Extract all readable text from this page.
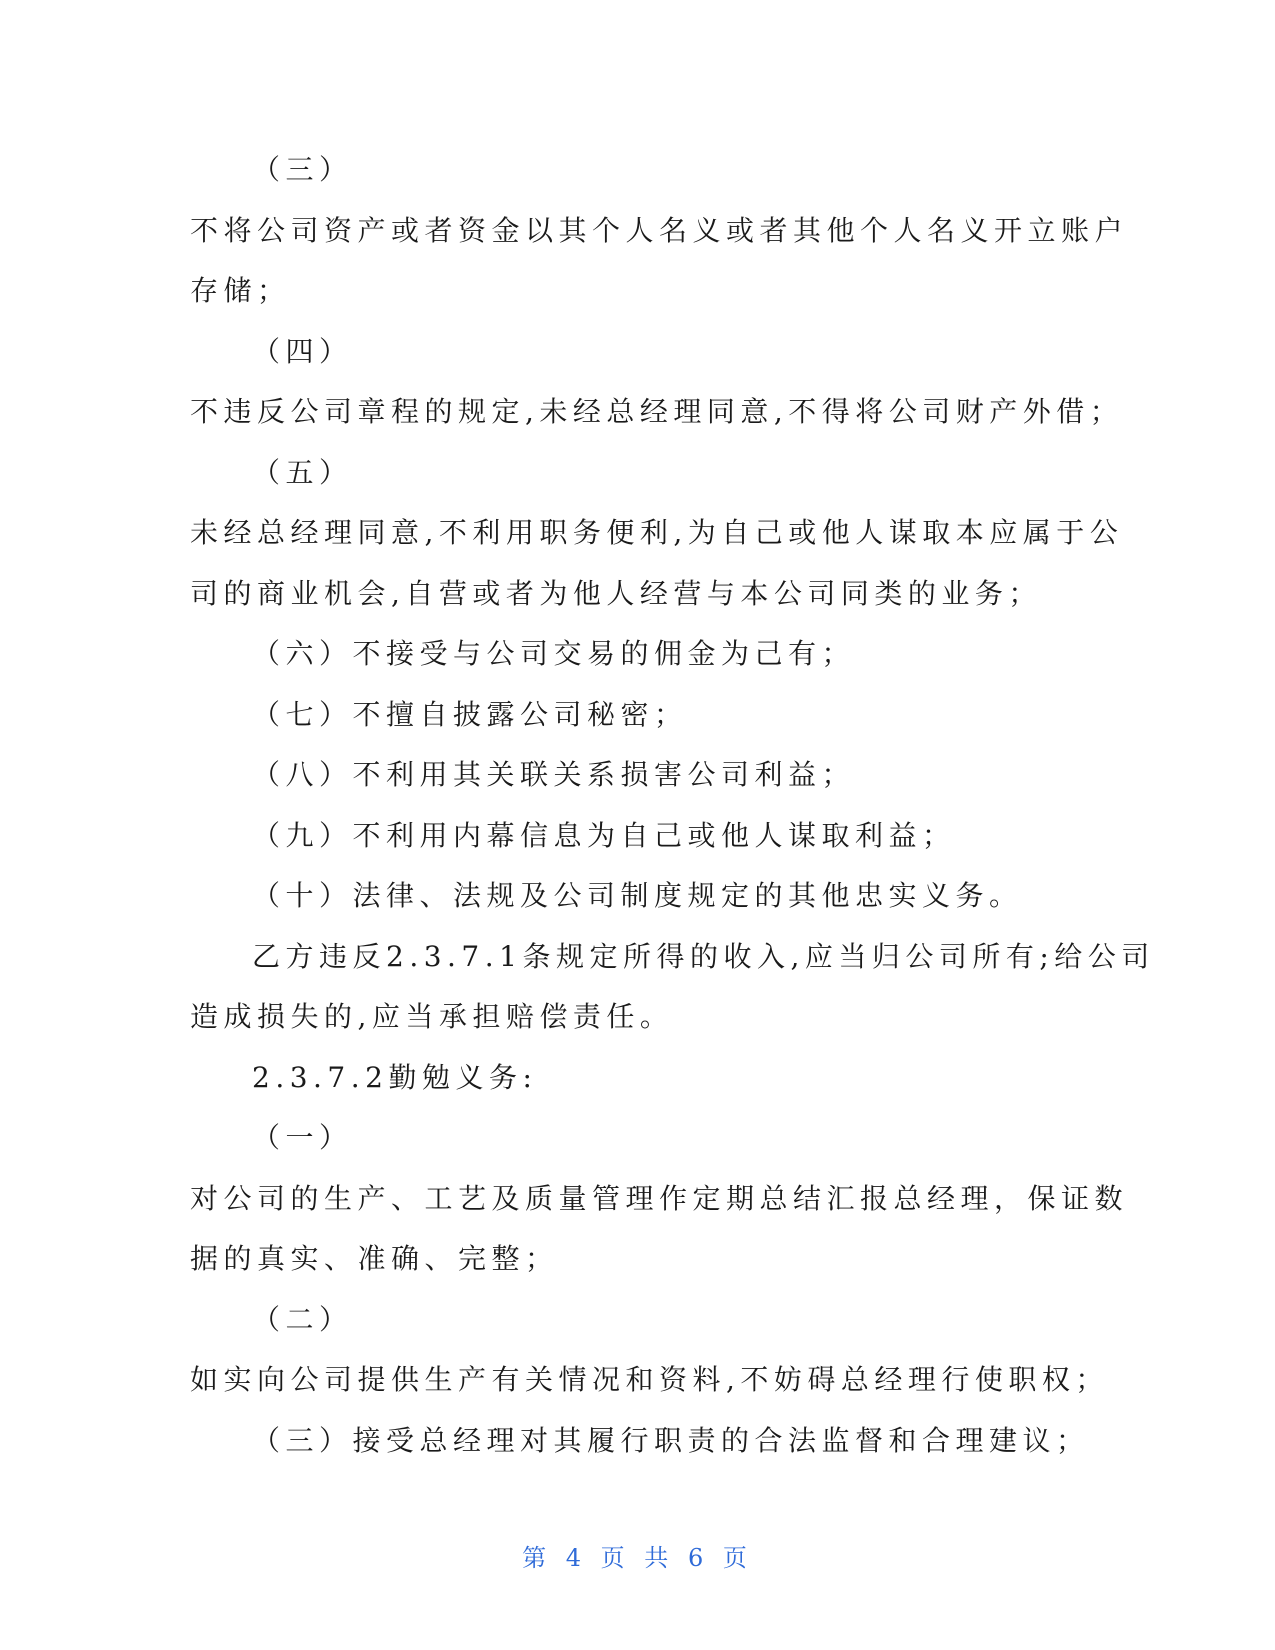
（三）

不将公司资产或者资金以其个人名义或者其他个人名义开立账户

存储；

（四）

不违反公司章程的规定,未经总经理同意,不得将公司财产外借；

（五）

未经总经理同意,不利用职务便利,为自己或他人谋取本应属于公

司的商业机会,自营或者为他人经营与本公司同类的业务；

（六）不接受与公司交易的佣金为己有；

（七）不擅自披露公司秘密；

（八）不利用其关联关系损害公司利益；

（九）不利用内幕信息为自己或他人谋取利益；

（十）法律、法规及公司制度规定的其他忠实义务。

乙方违反2.3.7.1条规定所得的收入,应当归公司所有;给公司

造成损失的,应当承担赔偿责任。

2.3.7.2勤勉义务:

（一）

对公司的生产、工艺及质量管理作定期总结汇报总经理，保证数

据的真实、准确、完整；

（二）

如实向公司提供生产有关情况和资料,不妨碍总经理行使职权；

（三）接受总经理对其履行职责的合法监督和合理建议；

第 4 页 共 6 页
